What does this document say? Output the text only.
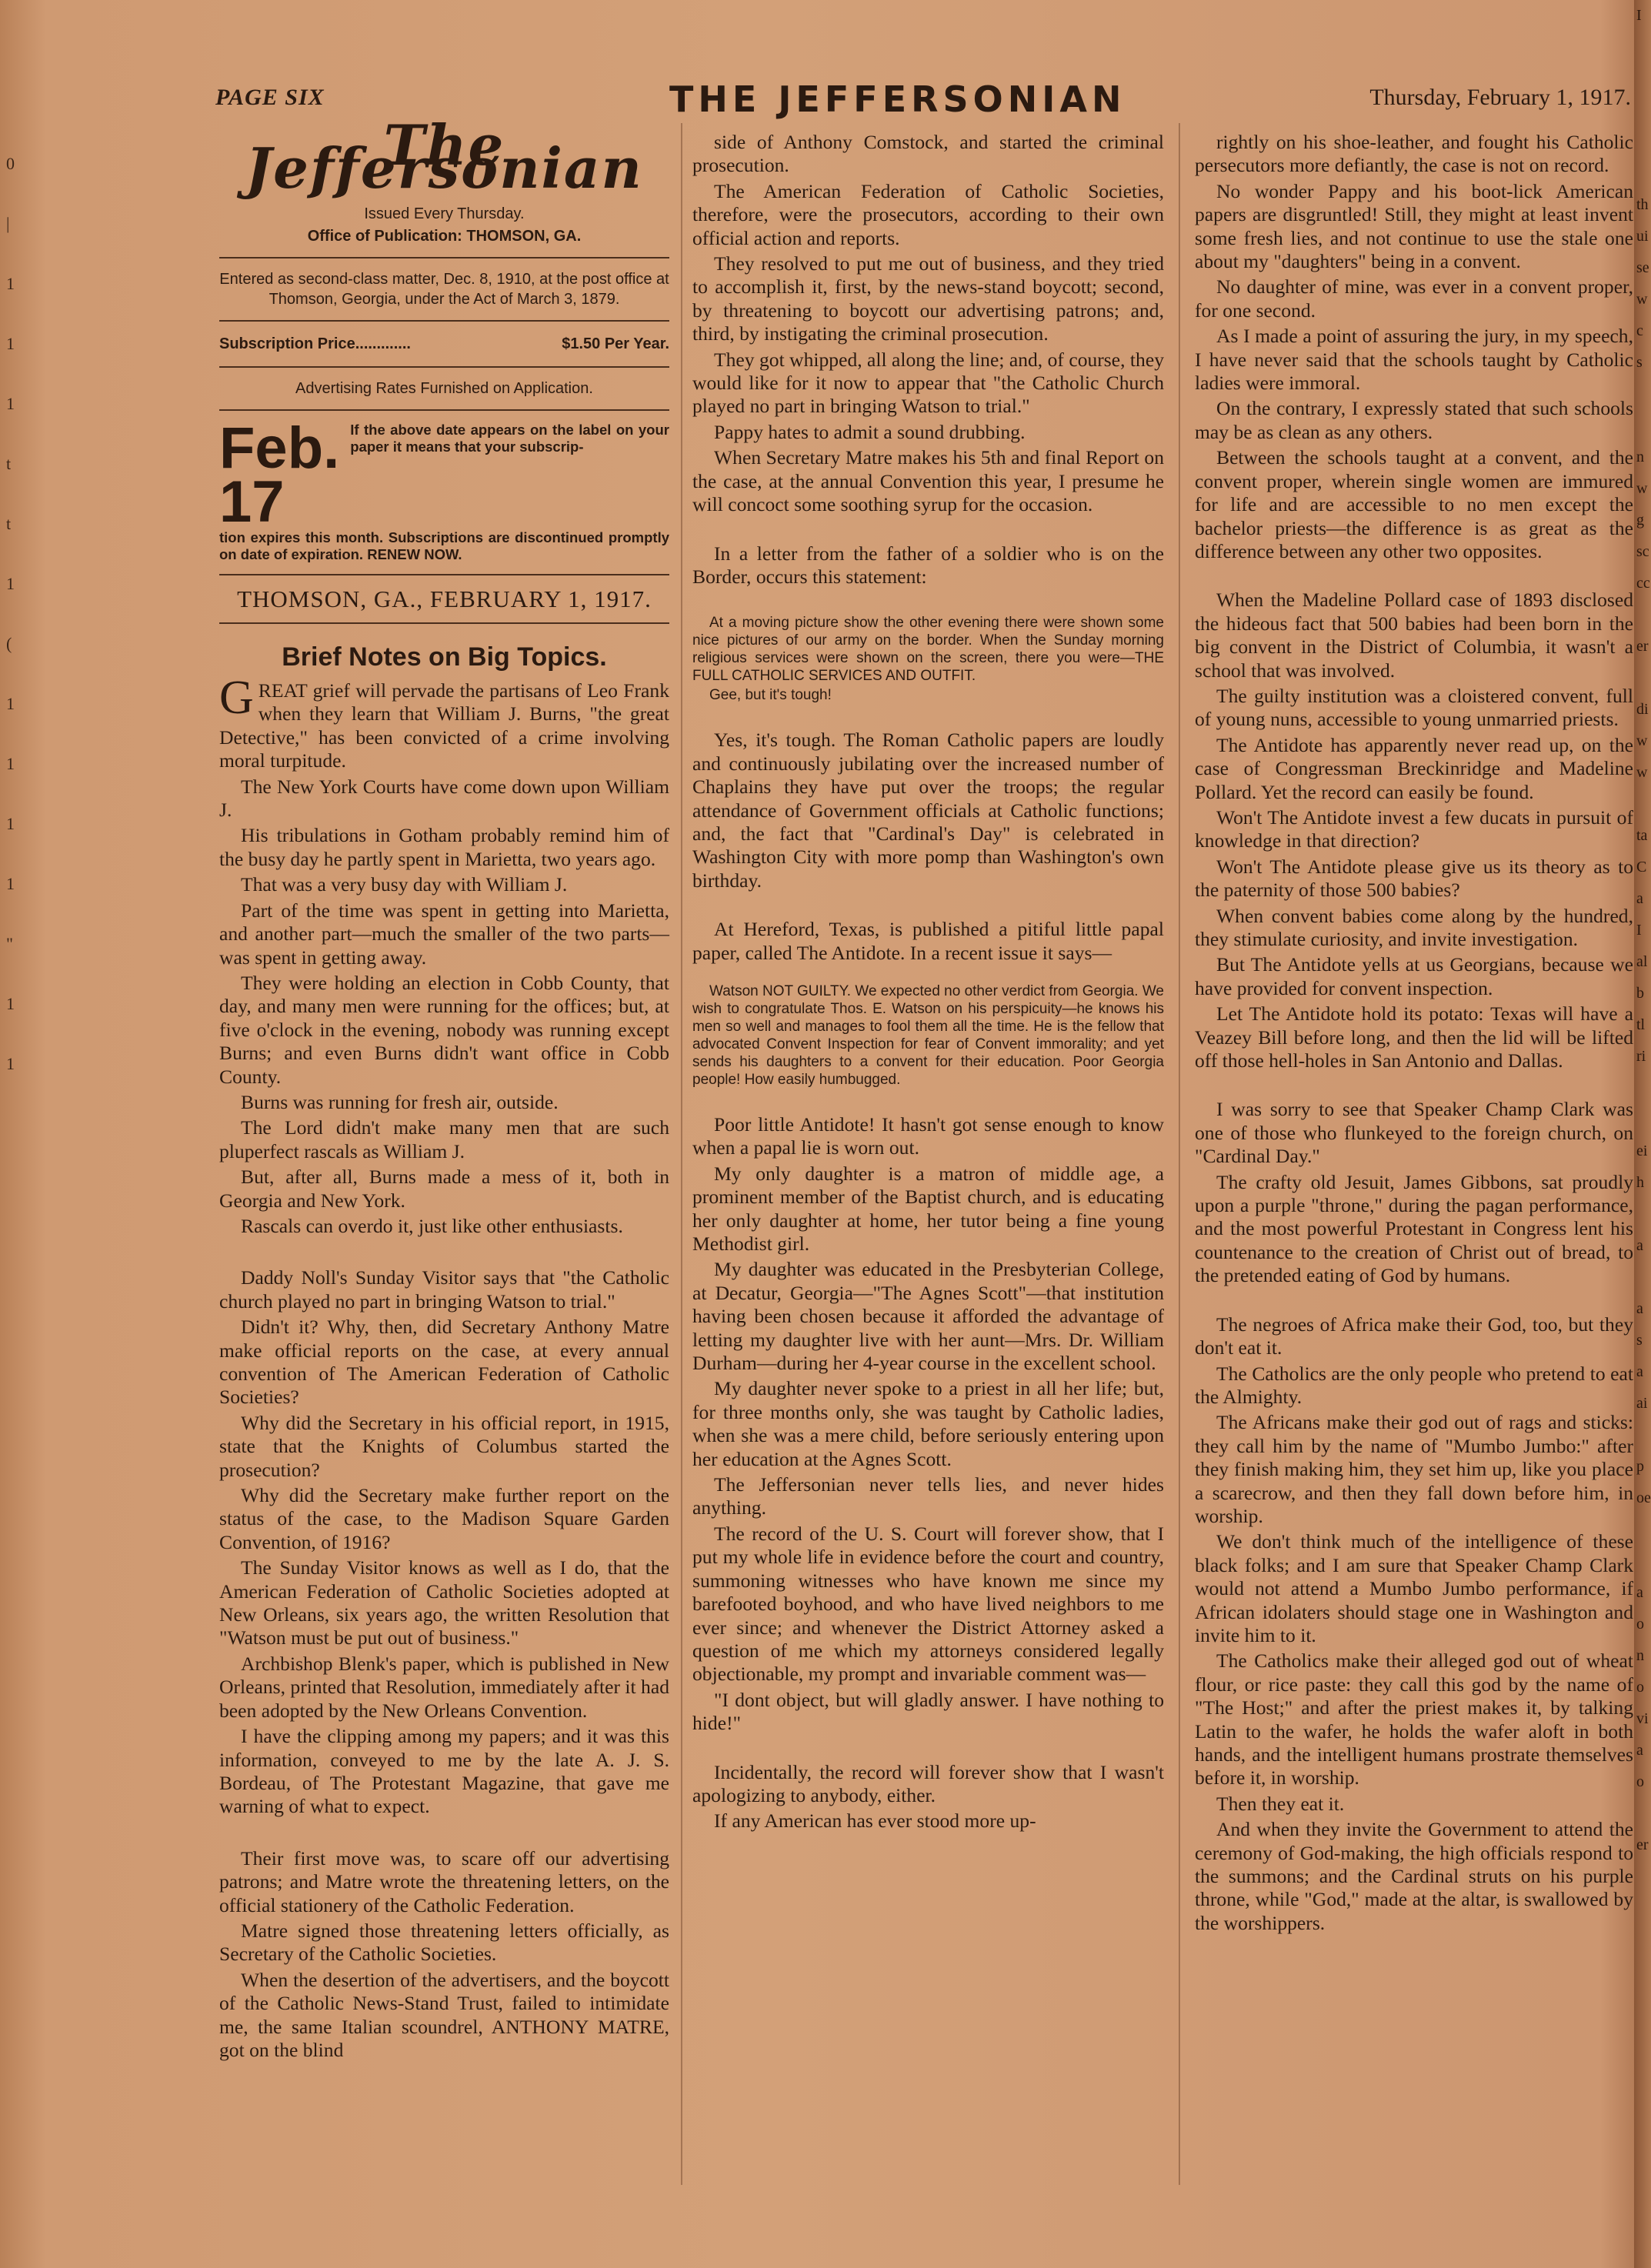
0
|
1
1
1
t
t
1
(
1
1
1
1
"
1
1
I

th
ui
se
w
c
s

n
w
g
sc
cc

er

di
w
w

ta
C
a
I
al
b
tl
ri

ei
h

a

a
s
a
ai

p
oe

a
o
n
o
vi
a
o

er
PAGE SIX	THE JEFFERSONIAN	Thursday, February 1, 1917.
The Jeffersonian

Issued Every Thursday.

Office of Publication: THOMSON, GA.

Entered as second-class matter, Dec. 8, 1910, at the post office at Thomson, Georgia, under the Act of March 3, 1879.

Subscription Price.............	$1.50 Per Year.

Advertising Rates Furnished on Application.

Feb. 17
If the above date appears on the label on your paper it means that your subscrip-
tion expires this month. Subscriptions are discontinued promptly on date of expiration. RENEW NOW.
THOMSON, GA., FEBRUARY 1, 1917.
Brief Notes on Big Topics.

GREAT grief will pervade the partisans of Leo Frank when they learn that William J. Burns, "the great Detective," has been convicted of a crime involving moral turpitude.

The New York Courts have come down upon William J.

His tribulations in Gotham probably remind him of the busy day he partly spent in Marietta, two years ago.

That was a very busy day with William J.

Part of the time was spent in getting into Marietta, and another part—much the smaller of the two parts—was spent in getting away.

They were holding an election in Cobb County, that day, and many men were running for the offices; but, at five o'clock in the evening, nobody was running except Burns; and even Burns didn't want office in Cobb County.

Burns was running for fresh air, outside.

The Lord didn't make many men that are such pluperfect rascals as William J.

But, after all, Burns made a mess of it, both in Georgia and New York.

Rascals can overdo it, just like other enthusiasts.

Daddy Noll's Sunday Visitor says that "the Catholic church played no part in bringing Watson to trial."

Didn't it? Why, then, did Secretary Anthony Matre make official reports on the case, at every annual convention of The American Federation of Catholic Societies?

Why did the Secretary in his official report, in 1915, state that the Knights of Columbus started the prosecution?

Why did the Secretary make further report on the status of the case, to the Madison Square Garden Convention, of 1916?

The Sunday Visitor knows as well as I do, that the American Federation of Catholic Societies adopted at New Orleans, six years ago, the written Resolution that "Watson must be put out of business."

Archbishop Blenk's paper, which is published in New Orleans, printed that Resolution, immediately after it had been adopted by the New Orleans Convention.

I have the clipping among my papers; and it was this information, conveyed to me by the late A. J. S. Bordeau, of The Protestant Magazine, that gave me warning of what to expect.

Their first move was, to scare off our advertising patrons; and Matre wrote the threatening letters, on the official stationery of the Catholic Federation.

Matre signed those threatening letters officially, as Secretary of the Catholic Societies.

When the desertion of the advertisers, and the boycott of the Catholic News-Stand Trust, failed to intimidate me, the same Italian scoundrel, ANTHONY MATRE, got on the blind

side of Anthony Comstock, and started the criminal prosecution.

The American Federation of Catholic Societies, therefore, were the prosecutors, according to their own official action and reports.

They resolved to put me out of business, and they tried to accomplish it, first, by the news-stand boycott; second, by threatening to boycott our advertising patrons; and, third, by instigating the criminal prosecution.

They got whipped, all along the line; and, of course, they would like for it now to appear that "the Catholic Church played no part in bringing Watson to trial."

Pappy hates to admit a sound drubbing.

When Secretary Matre makes his 5th and final Report on the case, at the annual Convention this year, I presume he will concoct some soothing syrup for the occasion.

In a letter from the father of a soldier who is on the Border, occurs this statement:

At a moving picture show the other evening there were shown some nice pictures of our army on the border. When the Sunday morning religious services were shown on the screen, there you were—THE FULL CATHOLIC SERVICES AND OUTFIT.

Gee, but it's tough!

Yes, it's tough. The Roman Catholic papers are loudly and continuously jubilating over the increased number of Chaplains they have put over the troops; the regular attendance of Government officials at Catholic functions; and, the fact that "Cardinal's Day" is celebrated in Washington City with more pomp than Washington's own birthday.

At Hereford, Texas, is published a pitiful little papal paper, called The Antidote. In a recent issue it says—

Watson NOT GUILTY. We expected no other verdict from Georgia. We wish to congratulate Thos. E. Watson on his perspicuity—he knows his men so well and manages to fool them all the time. He is the fellow that advocated Convent Inspection for fear of Convent immorality; and yet sends his daughters to a convent for their education. Poor Georgia people! How easily humbugged.

Poor little Antidote! It hasn't got sense enough to know when a papal lie is worn out.

My only daughter is a matron of middle age, a prominent member of the Baptist church, and is educating her only daughter at home, her tutor being a fine young Methodist girl.

My daughter was educated in the Presbyterian College, at Decatur, Georgia—"The Agnes Scott"—that institution having been chosen because it afforded the advantage of letting my daughter live with her aunt—Mrs. Dr. William Durham—during her 4-year course in the excellent school.

My daughter never spoke to a priest in all her life; but, for three months only, she was taught by Catholic ladies, when she was a mere child, before seriously entering upon her education at the Agnes Scott.

The Jeffersonian never tells lies, and never hides anything.

The record of the U. S. Court will forever show, that I put my whole life in evidence before the court and country, summoning witnesses who have known me since my barefooted boyhood, and who have lived neighbors to me ever since; and whenever the District Attorney asked a question of me which my attorneys considered legally objectionable, my prompt and invariable comment was—

"I dont object, but will gladly answer. I have nothing to hide!"

Incidentally, the record will forever show that I wasn't apologizing to anybody, either.

If any American has ever stood more up-

rightly on his shoe-leather, and fought his Catholic persecutors more defiantly, the case is not on record.

No wonder Pappy and his boot-lick American papers are disgruntled! Still, they might at least invent some fresh lies, and not continue to use the stale one about my "daughters" being in a convent.

No daughter of mine, was ever in a convent proper, for one second.

As I made a point of assuring the jury, in my speech, I have never said that the schools taught by Catholic ladies were immoral.

On the contrary, I expressly stated that such schools may be as clean as any others.

Between the schools taught at a convent, and the convent proper, wherein single women are immured for life and are accessible to no men except the bachelor priests—the difference is as great as the difference between any other two opposites.

When the Madeline Pollard case of 1893 disclosed the hideous fact that 500 babies had been born in the big convent in the District of Columbia, it wasn't a school that was involved.

The guilty institution was a cloistered convent, full of young nuns, accessible to young unmarried priests.

The Antidote has apparently never read up, on the case of Congressman Breckinridge and Madeline Pollard. Yet the record can easily be found.

Won't The Antidote invest a few ducats in pursuit of knowledge in that direction?

Won't The Antidote please give us its theory as to the paternity of those 500 babies?

When convent babies come along by the hundred, they stimulate curiosity, and invite investigation.

But The Antidote yells at us Georgians, because we have provided for convent inspection.

Let The Antidote hold its potato: Texas will have a Veazey Bill before long, and then the lid will be lifted off those hell-holes in San Antonio and Dallas.

I was sorry to see that Speaker Champ Clark was one of those who flunkeyed to the foreign church, on "Cardinal Day."

The crafty old Jesuit, James Gibbons, sat proudly upon a purple "throne," during the pagan performance, and the most powerful Protestant in Congress lent his countenance to the creation of Christ out of bread, to the pretended eating of God by humans.

The negroes of Africa make their God, too, but they don't eat it.

The Catholics are the only people who pretend to eat the Almighty.

The Africans make their god out of rags and sticks: they call him by the name of "Mumbo Jumbo:" after they finish making him, they set him up, like you place a scarecrow, and then they fall down before him, in worship.

We don't think much of the intelligence of these black folks; and I am sure that Speaker Champ Clark would not attend a Mumbo Jumbo performance, if African idolaters should stage one in Washington and invite him to it.

The Catholics make their alleged god out of wheat flour, or rice paste: they call this god by the name of "The Host;" and after the priest makes it, by talking Latin to the wafer, he holds the wafer aloft in both hands, and the intelligent humans prostrate themselves before it, in worship.

Then they eat it.

And when they invite the Government to attend the ceremony of God-making, the high officials respond to the summons; and the Cardinal struts on his purple throne, while "God," made at the altar, is swallowed by the worshippers.
